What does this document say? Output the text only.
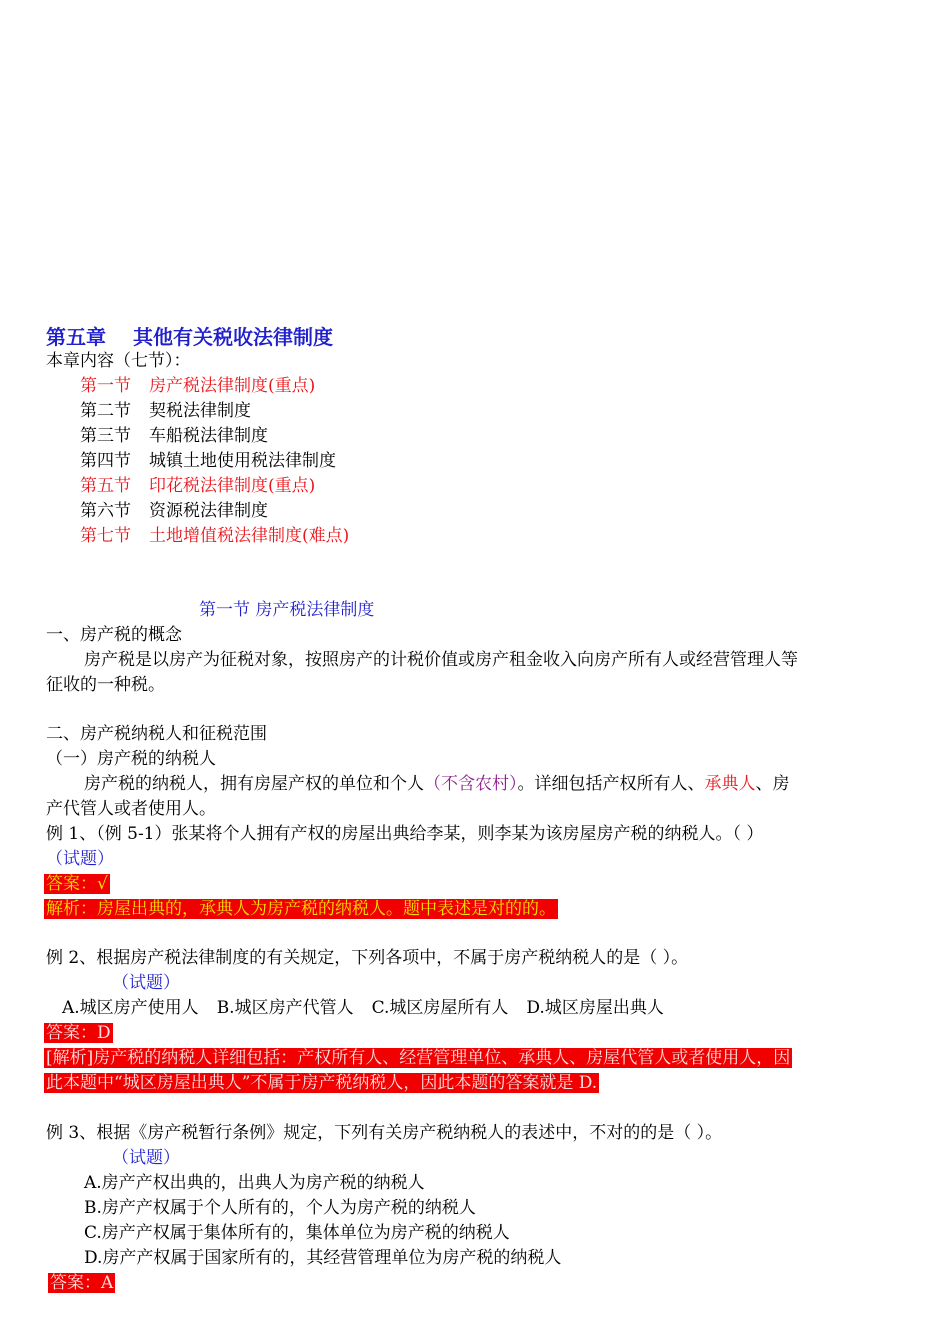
第五章　 其他有关税收法律制度
本章内容（七节）：
第一节 房产税法律制度(重点)
第二节 契税法律制度
第三节 车船税法律制度
第四节 城镇土地使用税法律制度
第五节 印花税法律制度(重点)
第六节 资源税法律制度
第七节 土地增值税法律制度(难点)
第一节 房产税法律制度
一、房产税的概念
房产税是以房产为征税对象，按照房产的计税价值或房产租金收入向房产所有人或经营管理人等
征收的一种税。
二、房产税纳税人和征税范围
（一）房产税的纳税人
房产税的纳税人，拥有房屋产权的单位和个人（不含农村）。详细包括产权所有人、承典人、房
产代管人或者使用人。
例 1、（例 5-1）张某将个人拥有产权的房屋出典给李某，则李某为该房屋房产税的纳税人。（ ）
（试题）
答案：√
解析：房屋出典的，承典人为房产税的纳税人。题中表述是对的的。
例 2、根据房产税法律制度的有关规定，下列各项中，不属于房产税纳税人的是（ ）。
（试题）
A.城区房产使用人 B.城区房产代管人 C.城区房屋所有人 D.城区房屋出典人
答案：D
[解析]房产税的纳税人详细包括：产权所有人、经营管理单位、承典人、房屋代管人或者使用人，因
此本题中“城区房屋出典人”不属于房产税纳税人，因此本题的答案就是 D.
例 3、根据《房产税暂行条例》规定，下列有关房产税纳税人的表述中，不对的的是（ ）。
（试题）
A.房产产权出典的，出典人为房产税的纳税人
B.房产产权属于个人所有的，个人为房产税的纳税人
C.房产产权属于集体所有的，集体单位为房产税的纳税人
D.房产产权属于国家所有的，其经营管理单位为房产税的纳税人
答案：A
